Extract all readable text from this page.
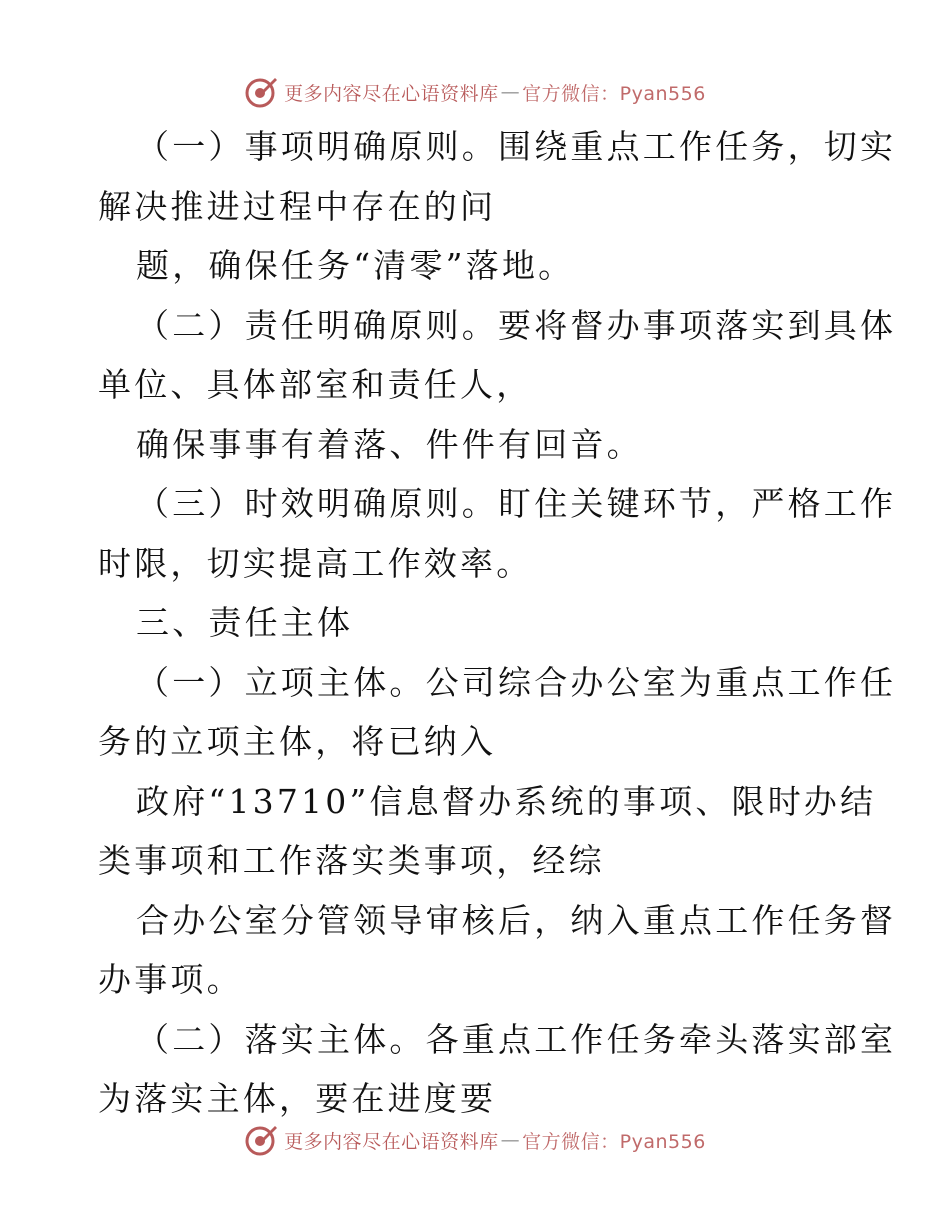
更多内容尽在心语资料库 — 官方微信：Pyan556
（一）事项明确原则。围绕重点工作任务，切实
解决推进过程中存在的问
题，确保任务“清零”落地。
（二）责任明确原则。要将督办事项落实到具体
单位、具体部室和责任人，
确保事事有着落、件件有回音。
（三）时效明确原则。盯住关键环节，严格工作
时限，切实提高工作效率。
三、责任主体
（一）立项主体。公司综合办公室为重点工作任
务的立项主体，将已纳入
政府“13710”信息督办系统的事项、限时办结
类事项和工作落实类事项，经综
合办公室分管领导审核后，纳入重点工作任务督
办事项。
（二）落实主体。各重点工作任务牵头落实部室
为落实主体，要在进度要
更多内容尽在心语资料库 — 官方微信：Pyan556
